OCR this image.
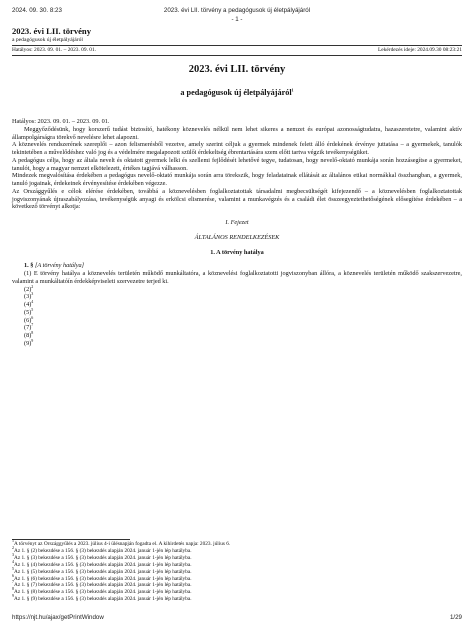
2024. 09. 30. 8:23	2023. évi LII. törvény a pedagógusok új életpályájáról
- 1 -
2023. évi LII. törvény
a pedagógusok új életpályájáról
Hatályos: 2023. 09. 01. – 2023. 09. 01.	Lekérdezés ideje: 2024.09.30 08:23:21
2023. évi LII. törvény
a pedagógusok új életpályájáról$^1$

Hatályos: 2023. 09. 01. – 2023. 09. 01.

Meggyőződésünk, hogy korszerű tudást biztosító, hatékony köznevelés nélkül nem lehet sikeres a nemzet és európai azonosságtudatra, hazaszeretetre, valamint aktív állampolgárságra törekvő nevelésre lehet alapozni.

A köznevelés rendszerének szereplői – azon felismerésből vezetve, amely szerint céljuk a gyermek mindenek felett álló érdekének érvénye juttatása – a gyermekek, tanulók tekintetében a művelődéshez való jog és a védelmére megalapozott szülői érdekeltség ébrentartására szem előtt tartva végzik tevékenységüket.

A pedagógus célja, hogy az általa nevelt és oktatott gyermek lelki és szellemi fejlődését lehetővé tegye, tudatosan, hogy nevelő-oktató munkája során hozzásegítse a gyermeket, tanulót, hogy a magyar nemzet elkötelezett, értékes tagjává válhasson.

Mindezek megvalósítása érdekében a pedagógus nevelő-oktató munkája során arra törekszik, hogy feladatainak ellátását az általános etikai normákkal összhangban, a gyermek, tanuló jogainak, érdekeinek érvényesítése érdekében végezze.

Az Országgyűlés e célok elérése érdekében, továbbá a köznevelésben foglalkoztatottak társadalmi megbecsültségét kifejezendő – a köznevelésben foglalkoztatottak jogviszonyának újraszabályozása, tevékenységük anyagi és erkölcsi elismerése, valamint a munkavégzés és a családi élet összeegyeztethetőségének elősegítése érdekében – a következő törvényt alkotja:

I. Fejezet

ÁLTALÁNOS RENDELKEZÉSEK

1. A törvény hatálya

1. § [A törvény hatálya]

(1) E törvény hatálya a köznevelés területén működő munkáltatóra, a köznevelési foglalkoztatotti jogviszonyban állóra, a köznevelés területén működő szakszervezetre, valamint a munkáltatóín érdekképviseleti szervezetre terjed ki.

$(2)^2$

$(3)^3$

$(4)^4$

$(5)^5$

$(6)^6$

$(7)^7$

$(8)^8$

$(9)^9$

$^1$A törvényt az Országgyűlés a 2023. július 4-i ülésnapján fogadta el. A kihirdetés napja: 2023. július 6.

$^2$Az 1. § (2) bekezdése a 156. § (3) bekezdés alapján 2024. január 1-jén lép hatályba.

$^3$Az 1. § (3) bekezdése a 156. § (3) bekezdés alapján 2024. január 1-jén lép hatályba.

$^4$Az 1. § (4) bekezdése a 156. § (3) bekezdés alapján 2024. január 1-jén lép hatályba.

$^5$Az 1. § (5) bekezdése a 156. § (3) bekezdés alapján 2024. január 1-jén lép hatályba.

$^6$Az 1. § (6) bekezdése a 156. § (3) bekezdés alapján 2024. január 1-jén lép hatályba.

$^7$Az 1. § (7) bekezdése a 156. § (3) bekezdés alapján 2024. január 1-jén lép hatályba.

$^8$Az 1. § (8) bekezdése a 156. § (3) bekezdés alapján 2024. január 1-jén lép hatályba.

$^9$Az 1. § (9) bekezdése a 156. § (3) bekezdés alapján 2024. január 1-jén lép hatályba.

https://njt.hu/ajax/getPrintWindow	1/29
